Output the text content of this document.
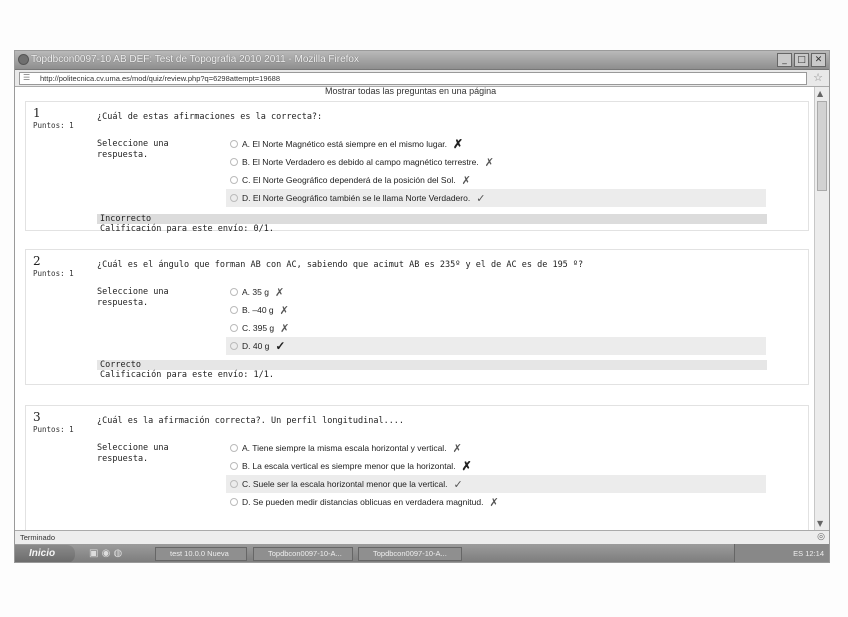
Topdbcon0097-10 AB DEF: Test de Topografia 2010 2011 - Mozilla Firefox	_	□ ✕
☰ http://politecnica.cv.uma.es/mod/quiz/review.php?q=6298attempt=19688	☆
Mostrar todas las preguntas en una página
1
Puntos: 1
¿Cuál de estas afirmaciones es la correcta?:
Seleccione una respuesta.
A. El Norte Magnético está siempre en el mismo lugar. ✗
B. El Norte Verdadero es debido al campo magnético terrestre. ✗
C. El Norte Geográfico dependerá de la posición del Sol. ✗
D. El Norte Geográfico también se le llama Norte Verdadero. ✓
Incorrecto
Calificación para este envío: 0/1.
2
Puntos: 1
¿Cuál es el ángulo que forman AB con AC, sabiendo que acimut AB es 235º y el de AC es de 195 º?
Seleccione una respuesta.
A. 35 g ✗
B. –40 g ✗
C. 395 g ✗
D. 40 g ✓
Correcto
Calificación para este envío: 1/1.
3
Puntos: 1
¿Cuál es la afirmación correcta?. Un perfil longitudinal....
Seleccione una respuesta.
A. Tiene siempre la misma escala horizontal y vertical. ✗
B. La escala vertical es siempre menor que la horizontal. ✗
C. Suele ser la escala horizontal menor que la vertical. ✓
D. Se pueden medir distancias oblicuas en verdadera magnitud. ✗
▲
▼
Terminado	◎
Inicio	▣ ◉ ◍	test 10.0.0 Nueva	Topdbcon0097-10-A...	Topdbcon0097-10-A...	ES 12:14
